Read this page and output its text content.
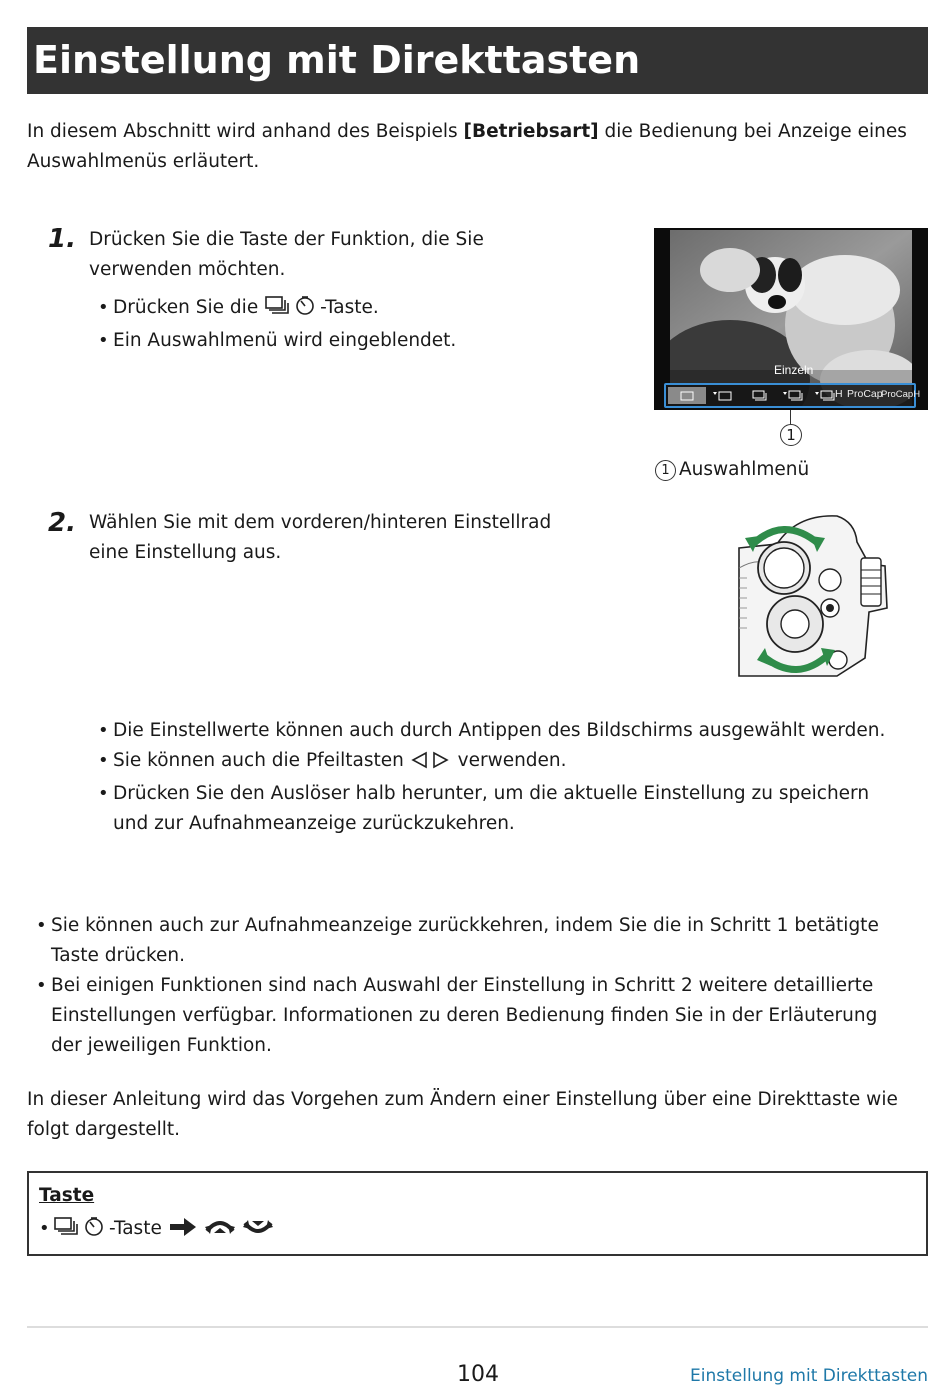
Einstellung mit Direkttasten

In diesem Abschnitt wird anhand des Beispiels [Betriebsart] die Bedienung bei Anzeige eines Auswahlmenüs erläutert.

1. Drücken Sie die Taste der Funktion, die Sie verwenden möchten.
• Drücken Sie die	-Taste.
• Ein Auswahlmenü wird eingeblendet.
Einzeln
H ProCap
ProCapH
1
1 Auswahlmenü
2. Wählen Sie mit dem vorderen/hinteren Einstellrad eine Einstellung aus.
• Die Einstellwerte können auch durch Antippen des Bildschirms ausgewählt werden.
• Sie können auch die Pfeiltasten  verwenden.
• Drücken Sie den Auslöser halb herunter, um die aktuelle Einstellung zu speichern und zur Aufnahmeanzeige zurückzukehren.
• Sie können auch zur Aufnahmeanzeige zurückkehren, indem Sie die in Schritt 1 betätigte Taste drücken.
• Bei einigen Funktionen sind nach Auswahl der Einstellung in Schritt 2 weitere detaillierte Einstellungen verfügbar. Informationen zu deren Bedienung finden Sie in der Erläuterung der jeweiligen Funktion.

In dieser Anleitung wird das Vorgehen zum Ändern einer Einstellung über eine Direkttaste wie folgt dargestellt.

Taste
•	-Taste
104	Einstellung mit Direkttasten
